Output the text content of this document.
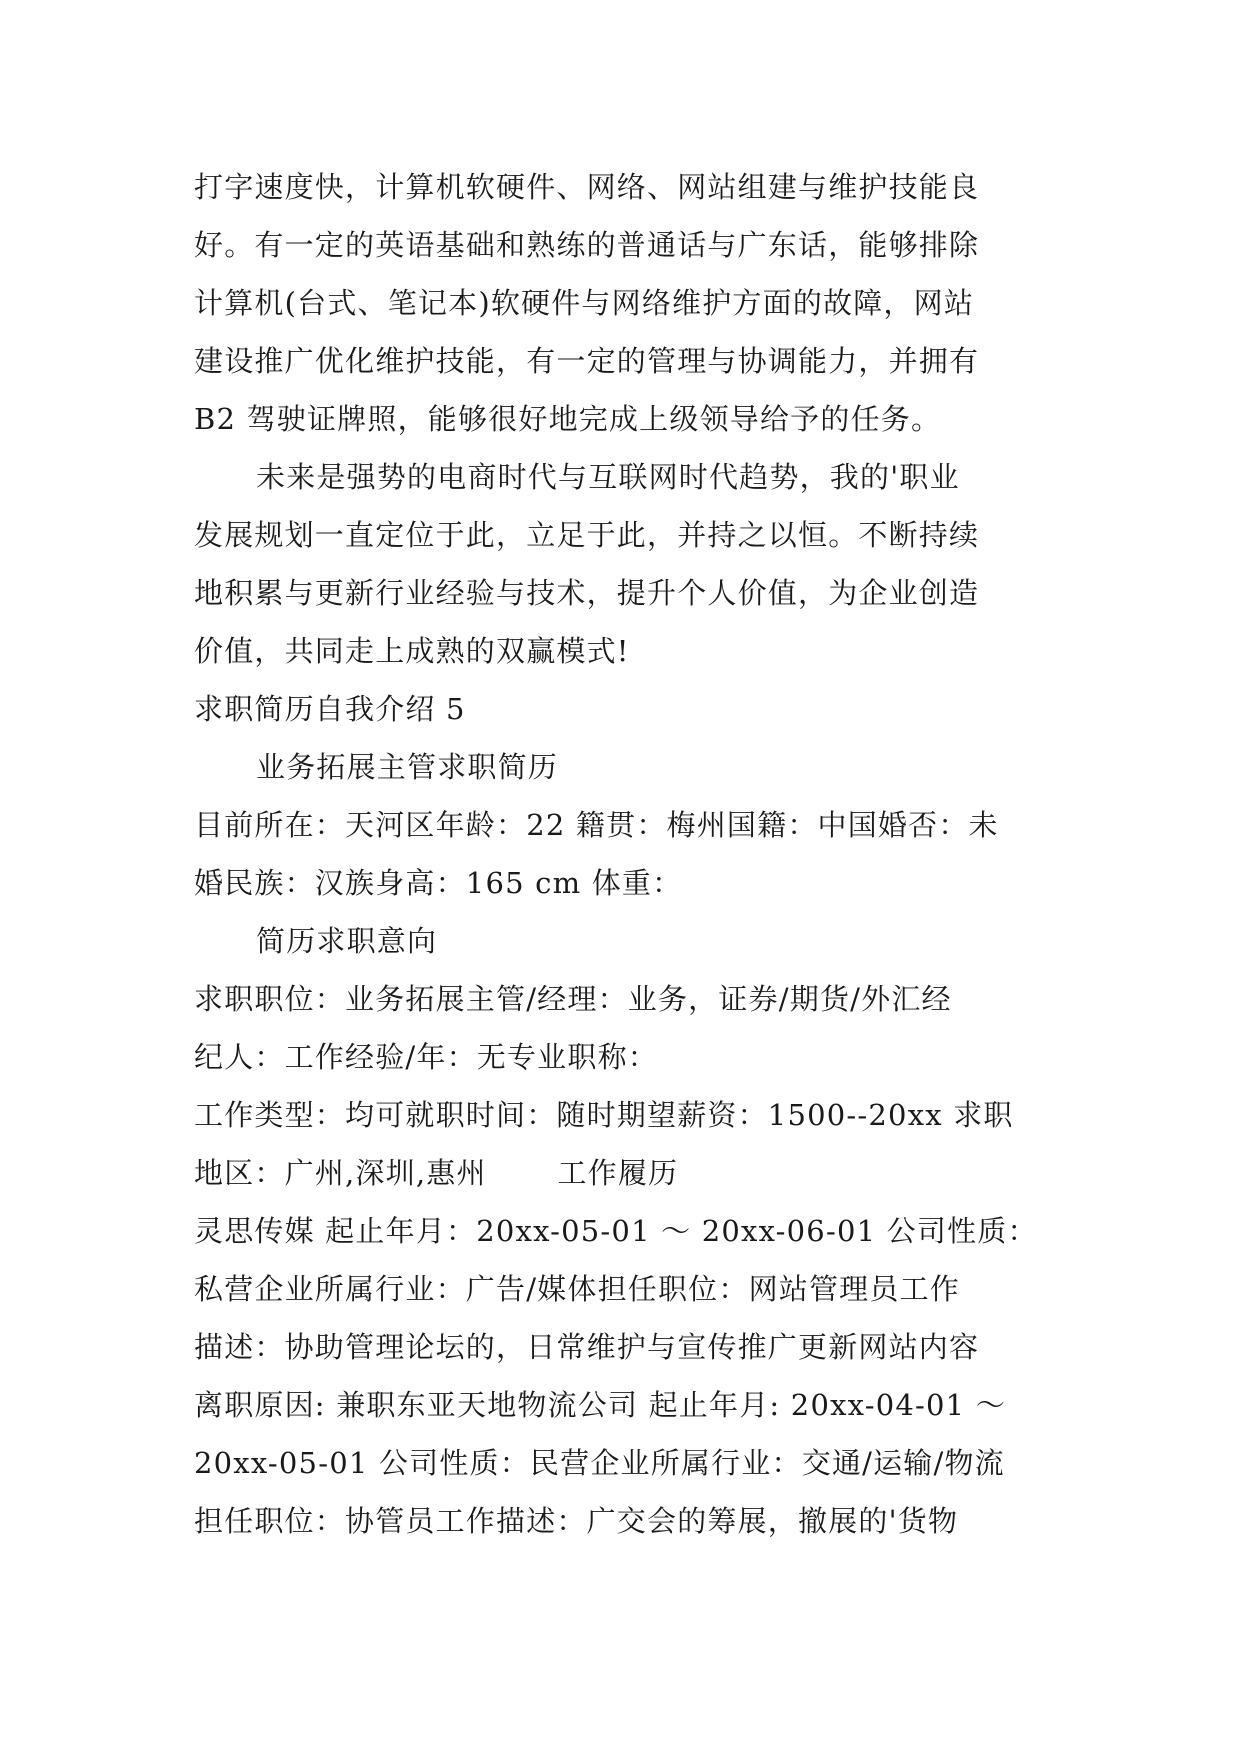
打字速度快，计算机软硬件、网络、网站组建与维护技能良
好。有一定的英语基础和熟练的普通话与广东话，能够排除
计算机(台式、笔记本)软硬件与网络维护方面的故障，网站
建设推广优化维护技能，有一定的管理与协调能力，并拥有
B2 驾驶证牌照，能够很好地完成上级领导给予的任务。
未来是强势的电商时代与互联网时代趋势，我的'职业
发展规划一直定位于此，立足于此，并持之以恒。不断持续
地积累与更新行业经验与技术，提升个人价值，为企业创造
价值，共同走上成熟的双赢模式!
求职简历自我介绍 5
业务拓展主管求职简历
目前所在：天河区年龄：22 籍贯：梅州国籍：中国婚否：未
婚民族：汉族身高：165 cm 体重：
简历求职意向
求职职位：业务拓展主管/经理：业务，证券/期货/外汇经
纪人：工作经验/年：无专业职称：
工作类型：均可就职时间：随时期望薪资：1500--20xx 求职
地区：广州,深圳,惠州　　 工作履历
灵思传媒 起止年月：20xx-05-01 ～ 20xx-06-01 公司性质：
私营企业所属行业：广告/媒体担任职位：网站管理员工作
描述：协助管理论坛的，日常维护与宣传推广更新网站内容
离职原因: 兼职东亚天地物流公司 起止年月: 20xx-04-01 ～
20xx-05-01 公司性质：民营企业所属行业：交通/运输/物流
担任职位：协管员工作描述：广交会的筹展，撤展的'货物
